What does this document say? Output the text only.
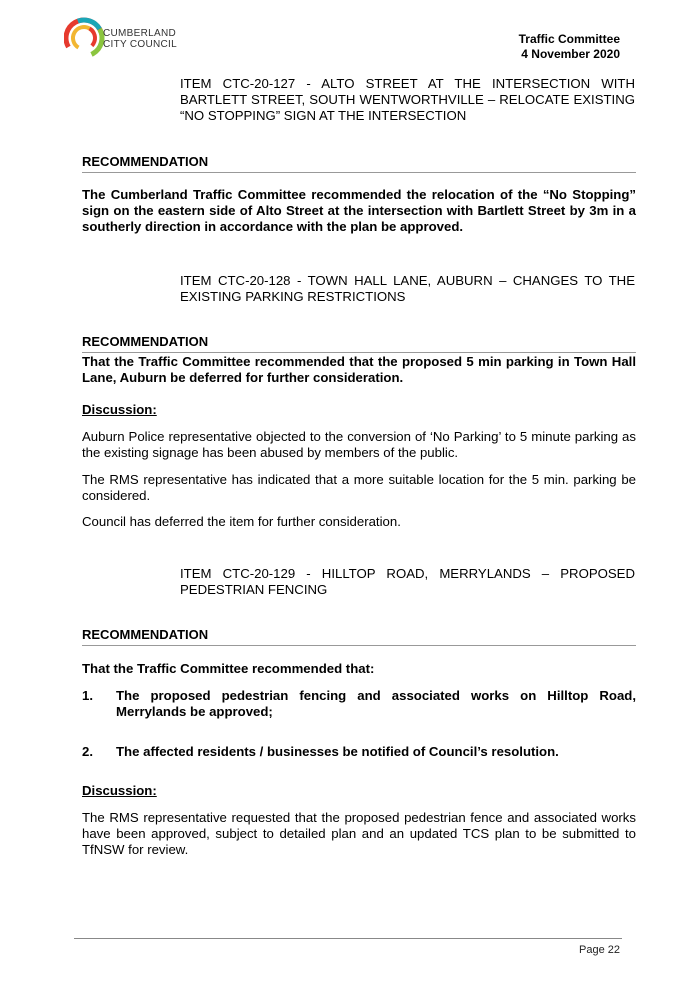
CUMBERLAND
CITY COUNCIL	Traffic Committee
4 November 2020
ITEM CTC-20-127 - ALTO STREET AT THE INTERSECTION WITH BARTLETT STREET, SOUTH WENTWORTHVILLE – RELOCATE EXISTING “NO STOPPING” SIGN AT THE INTERSECTION
RECOMMENDATION
The Cumberland Traffic Committee recommended the relocation of the “No Stopping” sign on the eastern side of Alto Street at the intersection with Bartlett Street by 3m in a southerly direction in accordance with the plan be approved.
ITEM CTC-20-128 - TOWN HALL LANE, AUBURN – CHANGES TO THE EXISTING PARKING RESTRICTIONS
RECOMMENDATION
That the Traffic Committee recommended that the proposed 5 min parking in Town Hall Lane, Auburn be deferred for further consideration.
Discussion:
Auburn Police representative objected to the conversion of ‘No Parking’ to 5 minute parking as the existing signage has been abused by members of the public.
The RMS representative has indicated that a more suitable location for the 5 min. parking be considered.
Council has deferred the item for further consideration.
ITEM CTC-20-129 - HILLTOP ROAD, MERRYLANDS – PROPOSED PEDESTRIAN FENCING
RECOMMENDATION
That the Traffic Committee recommended that:
1. The proposed pedestrian fencing and associated works on Hilltop Road, Merrylands be approved;
2. The affected residents / businesses be notified of Council’s resolution.
Discussion:
The RMS representative requested that the proposed pedestrian fence and associated works have been approved, subject to detailed plan and an updated TCS plan to be submitted to TfNSW for review.
Page 22
